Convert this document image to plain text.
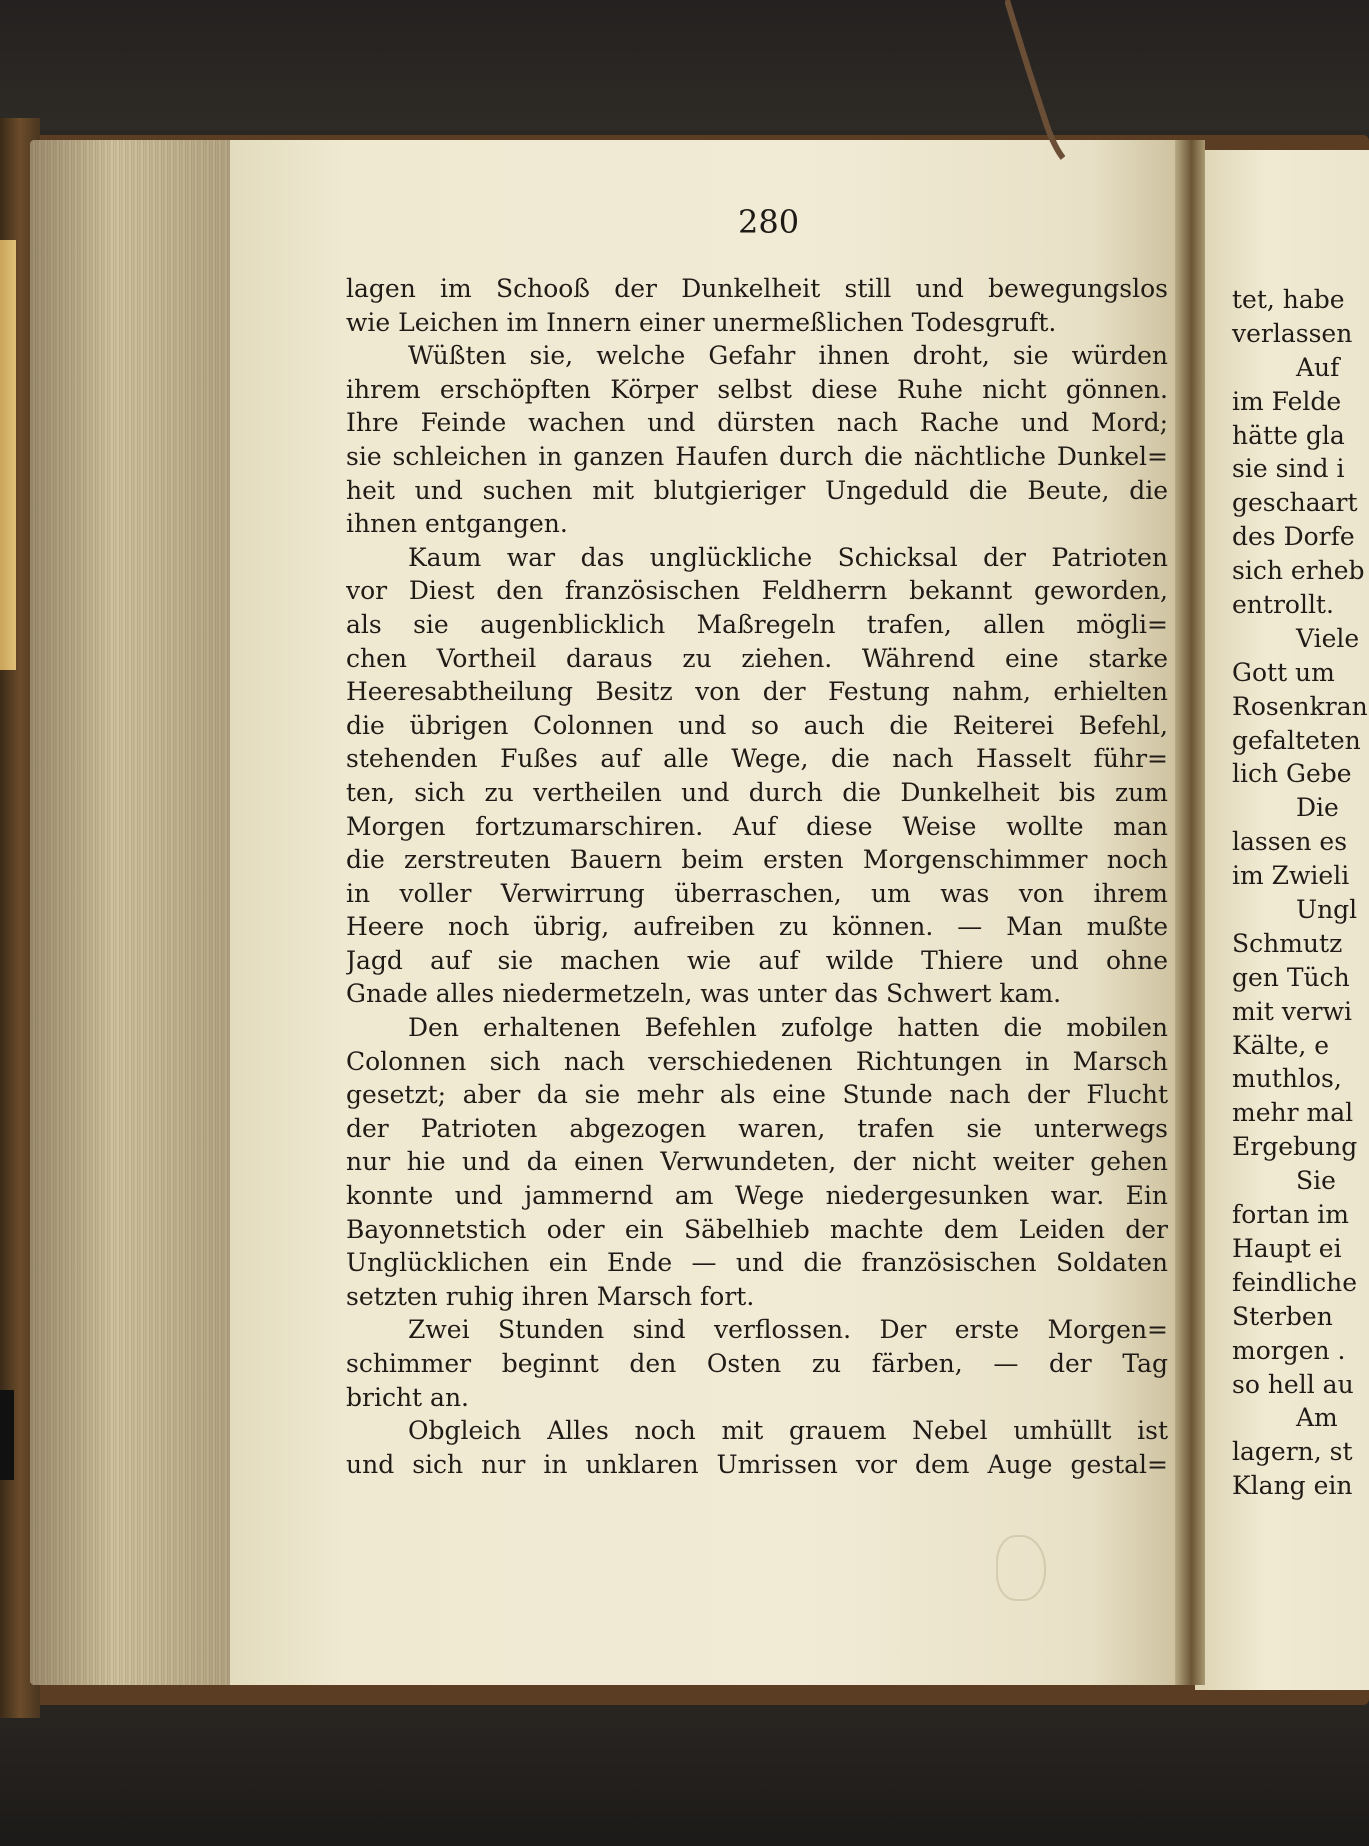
280
lagen im Schooß der Dunkelheit still und bewegungslos
wie Leichen im Innern einer unermeßlichen Todesgruft.
Wüßten sie, welche Gefahr ihnen droht, sie würden
ihrem erschöpften Körper selbst diese Ruhe nicht gönnen.
Ihre Feinde wachen und dürsten nach Rache und Mord;
sie schleichen in ganzen Haufen durch die nächtliche Dunkel=
heit und suchen mit blutgieriger Ungeduld die Beute, die
ihnen entgangen.
Kaum war das unglückliche Schicksal der Patrioten
vor Diest den französischen Feldherrn bekannt geworden,
als sie augenblicklich Maßregeln trafen, allen mögli=
chen Vortheil daraus zu ziehen. Während eine starke
Heeresabtheilung Besitz von der Festung nahm, erhielten
die übrigen Colonnen und so auch die Reiterei Befehl,
stehenden Fußes auf alle Wege, die nach Hasselt führ=
ten, sich zu vertheilen und durch die Dunkelheit bis zum
Morgen fortzumarschiren. Auf diese Weise wollte man
die zerstreuten Bauern beim ersten Morgenschimmer noch
in voller Verwirrung überraschen, um was von ihrem
Heere noch übrig, aufreiben zu können. — Man mußte
Jagd auf sie machen wie auf wilde Thiere und ohne
Gnade alles niedermetzeln, was unter das Schwert kam.
Den erhaltenen Befehlen zufolge hatten die mobilen
Colonnen sich nach verschiedenen Richtungen in Marsch
gesetzt; aber da sie mehr als eine Stunde nach der Flucht
der Patrioten abgezogen waren, trafen sie unterwegs
nur hie und da einen Verwundeten, der nicht weiter gehen
konnte und jammernd am Wege niedergesunken war. Ein
Bayonnetstich oder ein Säbelhieb machte dem Leiden der
Unglücklichen ein Ende — und die französischen Soldaten
setzten ruhig ihren Marsch fort.
Zwei Stunden sind verflossen. Der erste Morgen=
schimmer beginnt den Osten zu färben, — der Tag
bricht an.
Obgleich Alles noch mit grauem Nebel umhüllt ist
und sich nur in unklaren Umrissen vor dem Auge gestal=
tet, habe
verlassen
Auf
im Felde
hätte gla
sie sind i
geschaart
des Dorfe
sich erheb
entrollt.
Viele
Gott um
Rosenkran
gefalteten
lich Gebe
Die
lassen es
im Zwieli
Ungl
Schmutz
gen Tüch
mit verwi
Kälte, e
muthlos,
mehr mal
Ergebung
Sie
fortan im
Haupt ei
feindliche
Sterben
morgen .
so hell au
Am
lagern, st
Klang ein
